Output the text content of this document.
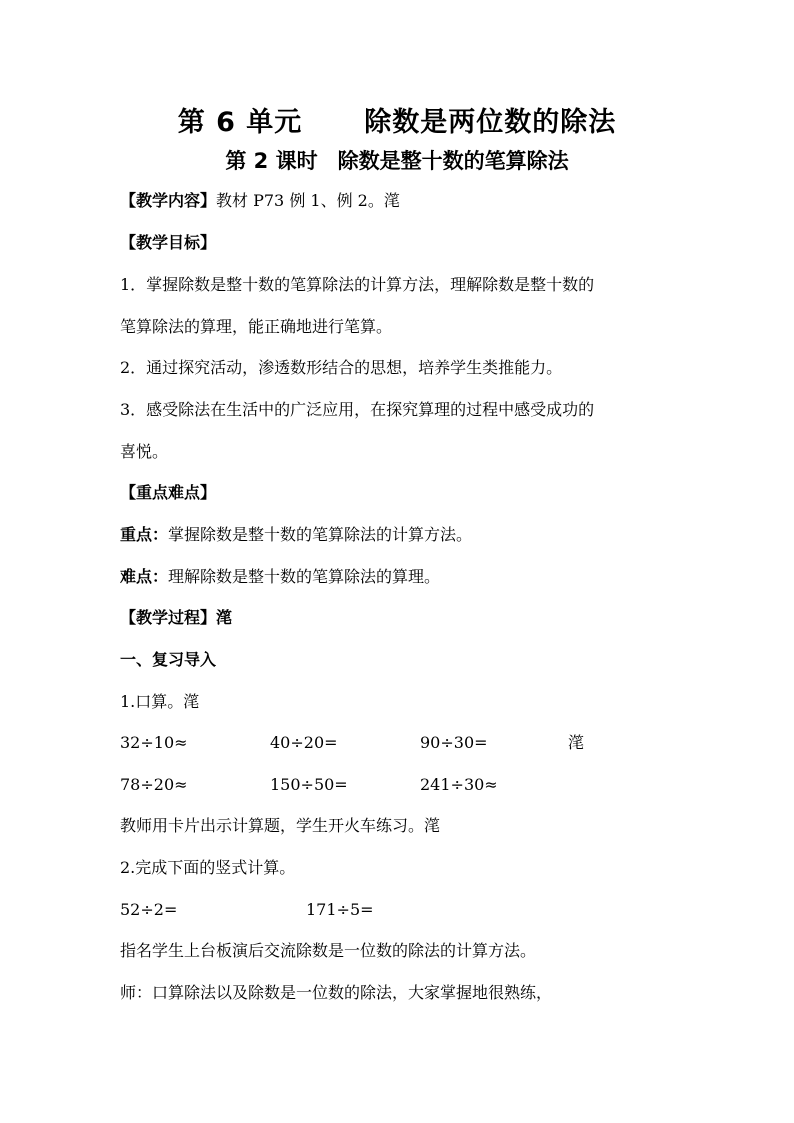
第 6 单元 除数是两位数的除法
第 2 课时 除数是整十数的笔算除法
【教学内容】教材 P73 例 1、例 2。滗
【教学目标】
1．掌握除数是整十数的笔算除法的计算方法，理解除数是整十数的
笔算除法的算理，能正确地进行笔算。
2．通过探究活动，渗透数形结合的思想，培养学生类推能力。
3．感受除法在生活中的广泛应用，在探究算理的过程中感受成功的
喜悦。
【重点难点】
重点：掌握除数是整十数的笔算除法的计算方法。
难点：理解除数是整十数的笔算除法的算理。
【教学过程】滗
一、复习导入
1.口算。滗
32÷10≈	40÷20=	90÷30=	滗
78÷20≈	150÷50=	241÷30≈
教师用卡片出示计算题，学生开火车练习。滗
2.完成下面的竖式计算。
52÷2=	171÷5=
指名学生上台板演后交流除数是一位数的除法的计算方法。
师：口算除法以及除数是一位数的除法，大家掌握地很熟练，
